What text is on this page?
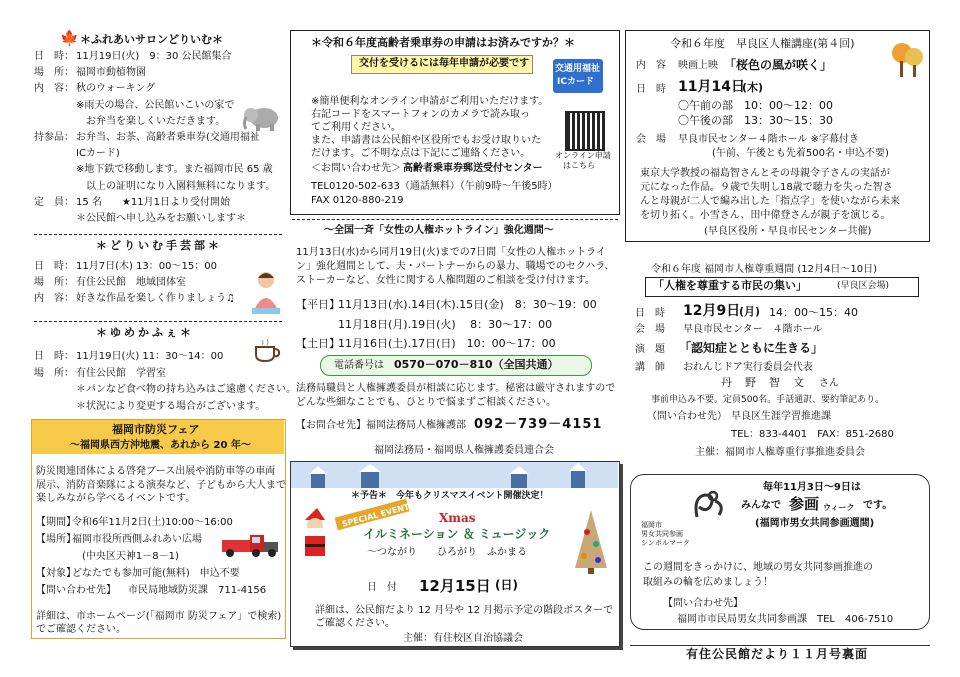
🍁 ＊ふれあいサロンどりいむ＊
日　時： 11月19日(火)　9：30 公民館集合
場　所： 福岡市動植物園
内　容： 秋のウォーキング
※雨天の場合、公民館いこいの家で
　お弁当を楽しくいただきます。
持参品： お弁当、お茶、高齢者乗車券(交通用福祉
ICカード)
※地下鉄で移動します。また福岡市民 65 歳
　以上の証明になり入園料無料になります。
定　員： 15 名　　★11月1日より受付開始
＊公民館へ申し込みをお願いします＊
＊どりいむ手芸部＊
日　時： 11月7日(木) 13：00～15：00
場　所： 有住公民館　地域団体室
内　容： 好きな作品を楽しく作りましょう♫
＊ゆめかふぇ＊
日　時： 11月19日(火) 11：30～14：00
場　所： 有住公民館　学習室
＊パンなど食べ物の持ち込みはご遠慮ください。
＊状況により変更する場合がございます。
福岡市防災フェア
～福岡県西方沖地震、あれから 20 年～
防災関連団体による啓発ブース出展や消防車等の車両
展示、消防音楽隊による演奏など、子どもから大人まで
楽しみながら学べるイベントです。
【期間】
令和6年11月2日(土)10:00～16:00
【場所】
福岡市役所西側ふれあい広場
　(中央区天神1－8－1)
【対象】
どなたでも参加可能(無料)　申込不要
【問い合わせ先】 市民局地域防災課　711-4156
詳細は、市ホームページ(「福岡市 防災フェア」で検索)
でご確認ください。
＊令和６年度高齢者乗車券の申請はお済みですか？＊
交付を受けるには毎年申請が必要です	交通用福祉
ICカード
※簡単便利なオンライン申請がご利用いただけます。
右記コードをスマートフォンのカメラで読み取っ
てご利用ください。
また、申請書は公民館や区役所でもお受け取りいた
だけます。ご不明な点は下記にご連絡ください。	オンライン申請
はこちら
＜お問い合わせ先＞ 高齢者乗車券郵送受付センター
TEL0120-502-633（通話無料）（午前9時～午後5時）
FAX 0120-880-219
～全国一斉「女性の人権ホットライン」強化週間～
11月13日(水)から同月19日(火)までの7日間「女性の人権ホットライ
ン」強化週間として、夫・パートナーからの暴力、職場でのセクハラ、
ストーカーなど、女性に関する人権問題のご相談を受け付けます。
【平日】
11月13日(水).14日(木).15日(金)　8：30～19：00
11月18日(月).19日(火)　 8：30～17：00
【土日】
11月16日(土).17日(日)　10：00～17：00
電話番号は 0570－070－810（全国共通）
法務局職員と人権擁護委員が相談に応じます。秘密は厳守されますので
どんな些細なことでも、ひとりで悩まずご相談ください。
【お問合せ先】 福岡法務局人権擁護部 092－739－4151
福岡法務局・福岡県人権擁護委員連合会
＊予告＊　今年もクリスマスイベント開催決定！
SPECIAL EVENT Xmas
イルミネーション ＆ ミュージック
～つながり　　ひろがり　ふかまる
日　付 12月15日 (日)
詳細は、公民館だより 12 月号や 12 月掲示予定の階段ポスターで
ご確認ください。
主催：有住校区自治協議会
令和６年度　早良区人権講座(第４回)
内　容 映画上映 「桜色の風が咲く」
日　時 11月14日
(木)
〇午前の部　10：00～12：00
〇午後の部　13：30～15：30
会　場 早良市民センター４階ホール ※字幕付き
(午前、午後とも先着500名・申込不要)
東京大学教授の福島智さんとその母親令子さんの実話が
元になった作品。９歳で失明し18歳で聴力を失った智さ
んと母親が二人で編み出した「指点字」を使いながら未来
を切り拓く。小雪さん、田中偉登さんが親子を演じる。
(早良区役所・早良市民センター共催)
令和６年度 福岡市人権尊重週間 (12月4日～10日)
「人権を尊重する市民の集い」	(早良区会場)
日　時 12月9日
(月) 14：00～15：40
会　場 早良市民センター　４階ホール
演　題 「認知症とともに生きる」
講　師 おれんじドア実行委員会代表
丹　野　智　文 さん
事前申込み不要。定員500名。手話通訳、要約筆記あり。
（問い合わせ先） 早良区生涯学習推進課
TEL：833-4401　FAX：851-2680
主催：福岡市人権尊重行事推進委員会
福岡市
男女共同参画
シンボルマーク
毎年11月3日～9日は
みんなで 参画 ウィーク です。
(福岡市男女共同参画週間)
この週間をきっかけに、地域の男女共同参画推進の
取組みの輪を広めましょう！
【問い合わせ先】
福岡市市民局男女共同参画課　TEL　406-7510
有住公民館だより１１月号裏面
